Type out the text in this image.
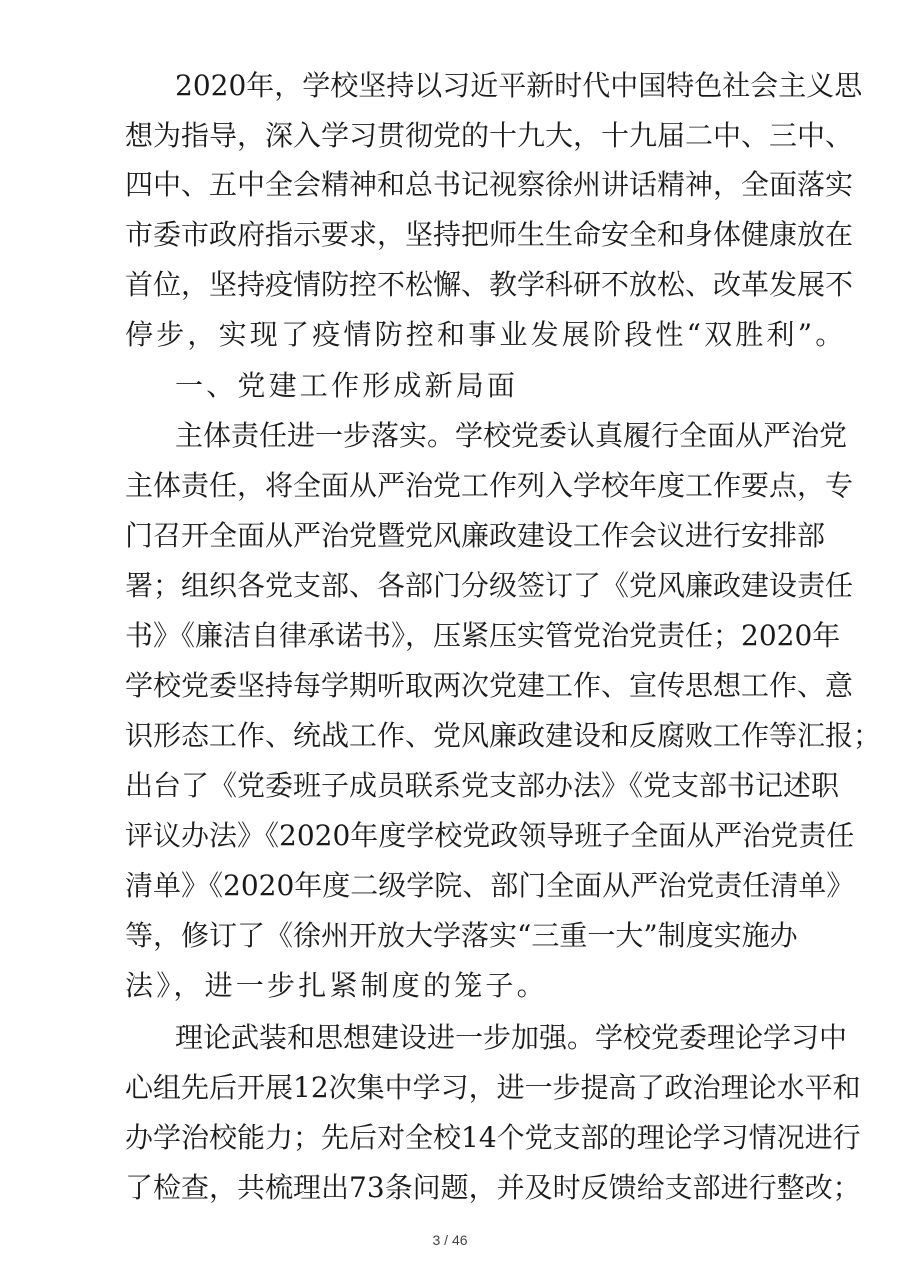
2020年，学校坚持以习近平新时代中国特色社会主义思
想为指导，深入学习贯彻党的十九大，十九届二中、三中、
四中、五中全会精神和总书记视察徐州讲话精神，全面落实
市委市政府指示要求，坚持把师生生命安全和身体健康放在
首位，坚持疫情防控不松懈、教学科研不放松、改革发展不
停步，实现了疫情防控和事业发展阶段性“双胜利”。
一、党建工作形成新局面
主体责任进一步落实。学校党委认真履行全面从严治党
主体责任，将全面从严治党工作列入学校年度工作要点，专
门召开全面从严治党暨党风廉政建设工作会议进行安排部
署；组织各党支部、各部门分级签订了《党风廉政建设责任
书》《廉洁自律承诺书》，压紧压实管党治党责任；2020年
学校党委坚持每学期听取两次党建工作、宣传思想工作、意
识形态工作、统战工作、党风廉政建设和反腐败工作等汇报；
出台了《党委班子成员联系党支部办法》《党支部书记述职
评议办法》《2020年度学校党政领导班子全面从严治党责任
清单》《2020年度二级学院、部门全面从严治党责任清单》
等，修订了《徐州开放大学落实“三重一大”制度实施办
法》，进一步扎紧制度的笼子。
理论武装和思想建设进一步加强。学校党委理论学习中
心组先后开展12次集中学习，进一步提高了政治理论水平和
办学治校能力；先后对全校14个党支部的理论学习情况进行
了检查，共梳理出73条问题，并及时反馈给支部进行整改；
3 / 46
